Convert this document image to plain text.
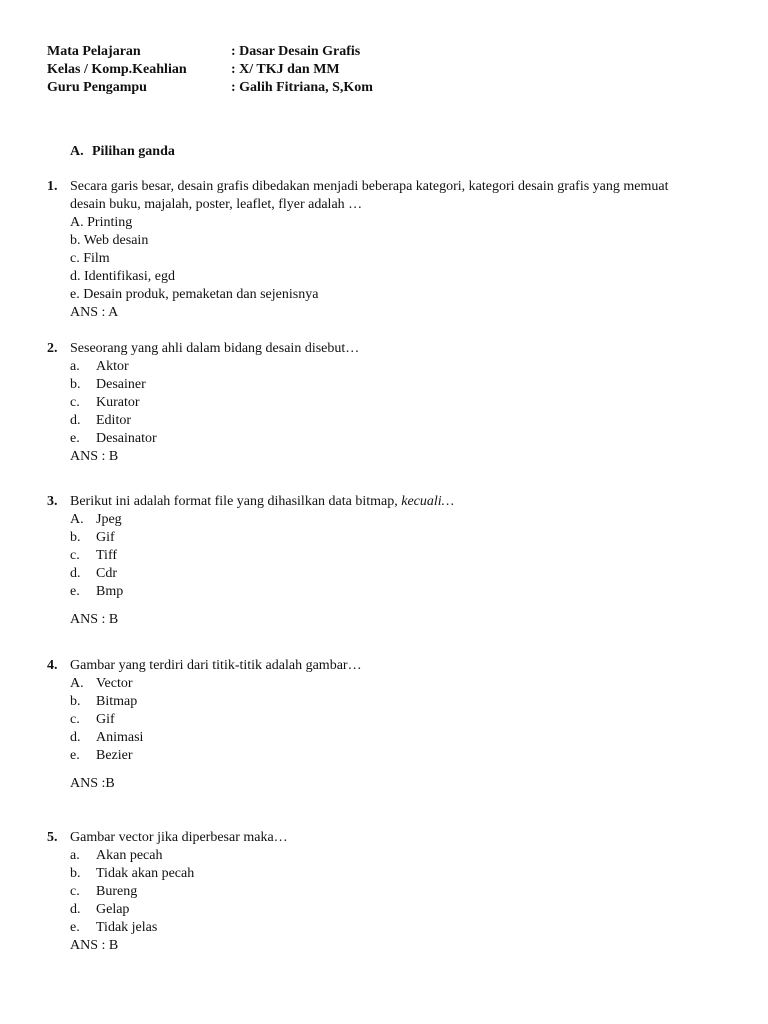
Mata Pelajaran	: Dasar Desain Grafis
Kelas / Komp.Keahlian	: X/ TKJ dan MM
Guru Pengampu	: Galih Fitriana, S,Kom
A. Pilihan ganda
1. Secara garis besar, desain grafis dibedakan menjadi beberapa kategori, kategori desain grafis yang memuat desain buku, majalah, poster, leaflet, flyer adalah …
A. Printing
b. Web desain
c. Film
d. Identifikasi, egd
e. Desain produk, pemaketan dan sejenisnya
ANS : A
2. Seseorang yang ahli dalam bidang desain disebut…
a. Aktor
b. Desainer
c. Kurator
d. Editor
e. Desainator
ANS : B
3. Berikut ini adalah format file yang dihasilkan data bitmap, kecuali…
A. Jpeg
b. Gif
c. Tiff
d. Cdr
e. Bmp
ANS : B
4. Gambar yang terdiri dari titik-titik adalah gambar…
A. Vector
b. Bitmap
c. Gif
d. Animasi
e. Bezier
ANS :B
5. Gambar vector jika diperbesar maka…
a. Akan pecah
b. Tidak akan pecah
c. Bureng
d. Gelap
e. Tidak jelas
ANS : B
